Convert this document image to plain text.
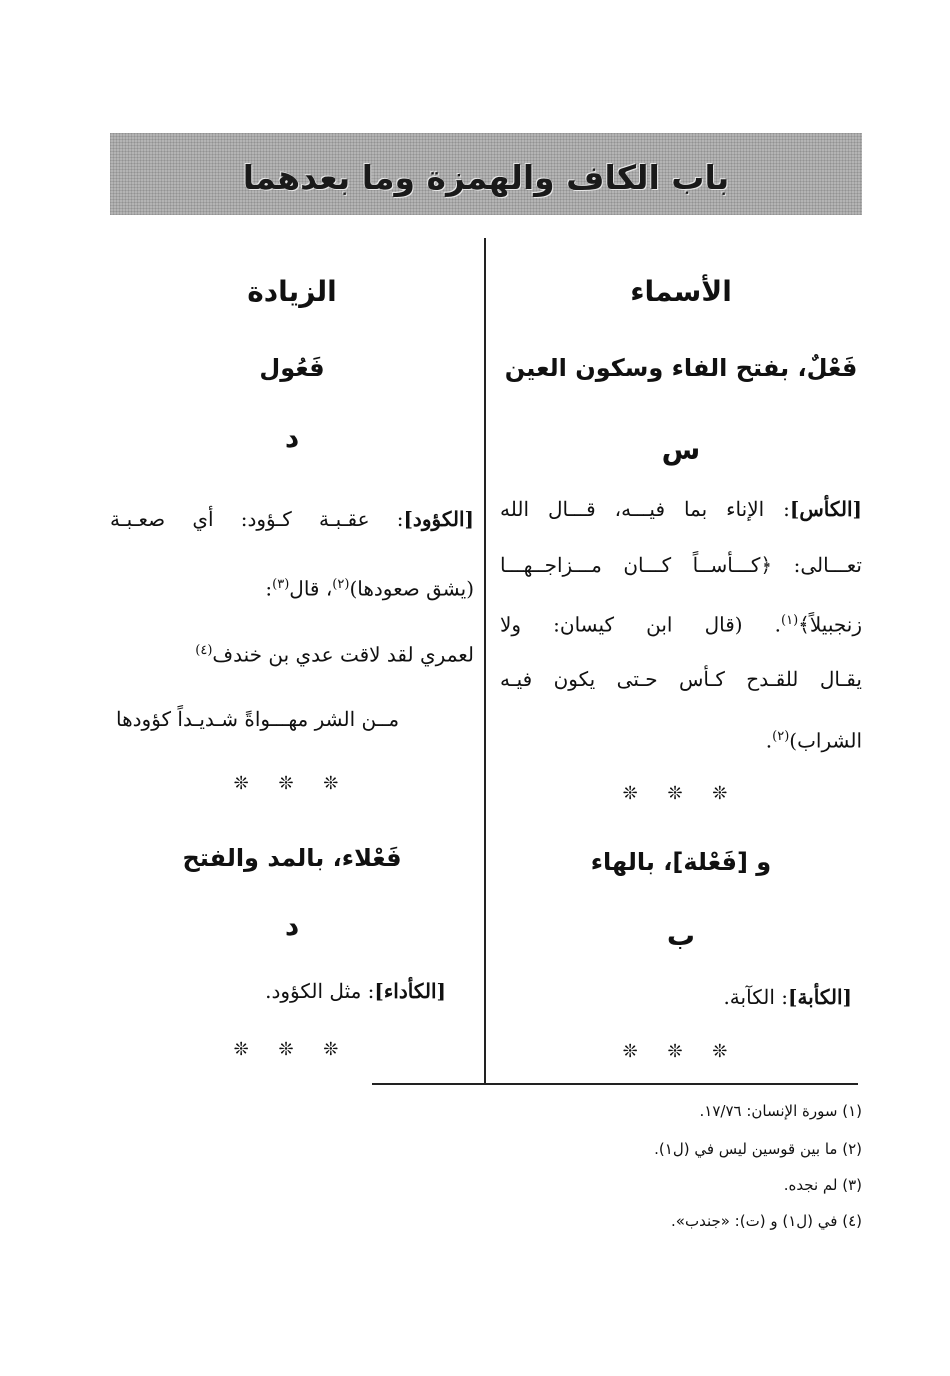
باب الكاف والهمزة وما بعدهما
الأسماء
فَعْلٌ، بفتح الفاء وسكون العين
س
[الكأس]: الإناء بما فيـــه، قـــال الله
تعـــالى: ﴿كـــأســاً كـــان مـــزاجــهـــا
زنجبيلاً﴾$^{(١)}$. (قال ابن كيسان: ولا
يقـال للقـدح كـأس حـتى يكون فيـه
الشراب)$^{(٢)}$.
❊ ❊ ❊
و [فَعْلة]، بالهاء
ب
[الكأبة]: الكآبة.
❊ ❊ ❊
الزيادة
فَعُول
د
[الكؤود]: عقـبـة كـؤود: أي صعـبـة
(يشق صعودها)$^{(٢)}$، قال$^{(٣)}$:
لعمري لقد لاقت عدي بن خندف$^{(٤)}$
مــن الشر مهـــواةً شـديـداً كؤودها
❊ ❊ ❊
فَعْلاء، بالمد والفتح
د
[الكأداء]: مثل الكؤود.
❊ ❊ ❊
(١) سورة الإنسان: ١٧/٧٦.
(٢) ما بين قوسين ليس في (ل١).
(٣) لم نجده.
(٤) في (ل١) و (ت): «جندب».
